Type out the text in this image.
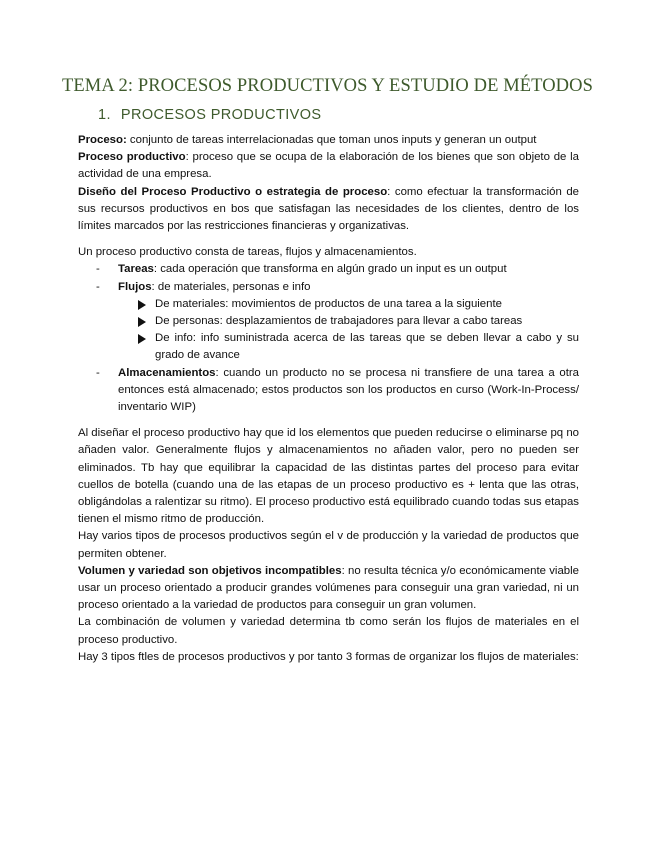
TEMA 2: PROCESOS PRODUCTIVOS Y ESTUDIO DE MÉTODOS
1. PROCESOS PRODUCTIVOS

Proceso: conjunto de tareas interrelacionadas que toman unos inputs y generan un output

Proceso productivo: proceso que se ocupa de la elaboración de los bienes que son objeto de la actividad de una empresa.

Diseño del Proceso Productivo o estrategia de proceso: como efectuar la transformación de sus recursos productivos en bos que satisfagan las necesidades de los clientes, dentro de los límites marcados por las restricciones financieras y organizativas.

Un proceso productivo consta de tareas, flujos y almacenamientos.

- Tareas: cada operación que transforma en algún grado un input es un output
- Flujos: de materiales, personas e info
De materiales: movimientos de productos de una tarea a la siguiente
De personas: desplazamientos de trabajadores para llevar a cabo tareas
De info: info suministrada acerca de las tareas que se deben llevar a cabo y su grado de avance
- Almacenamientos: cuando un producto no se procesa ni transfiere de una tarea a otra entonces está almacenado; estos productos son los productos en curso (Work-In-Process/ inventario WIP)

Al diseñar el proceso productivo hay que id los elementos que pueden reducirse o eliminarse pq no añaden valor. Generalmente flujos y almacenamientos no añaden valor, pero no pueden ser eliminados. Tb hay que equilibrar la capacidad de las distintas partes del proceso para evitar cuellos de botella (cuando una de las etapas de un proceso productivo es + lenta que las otras, obligándolas a ralentizar su ritmo). El proceso productivo está equilibrado cuando todas sus etapas tienen el mismo ritmo de producción.

Hay varios tipos de procesos productivos según el v de producción y la variedad de productos que permiten obtener.

Volumen y variedad son objetivos incompatibles: no resulta técnica y/o económicamente viable usar un proceso orientado a producir grandes volúmenes para conseguir una gran variedad, ni un proceso orientado a la variedad de productos para conseguir un gran volumen.

La combinación de volumen y variedad determina tb como serán los flujos de materiales en el proceso productivo.

Hay 3 tipos ftles de procesos productivos y por tanto 3 formas de organizar los flujos de materiales:
